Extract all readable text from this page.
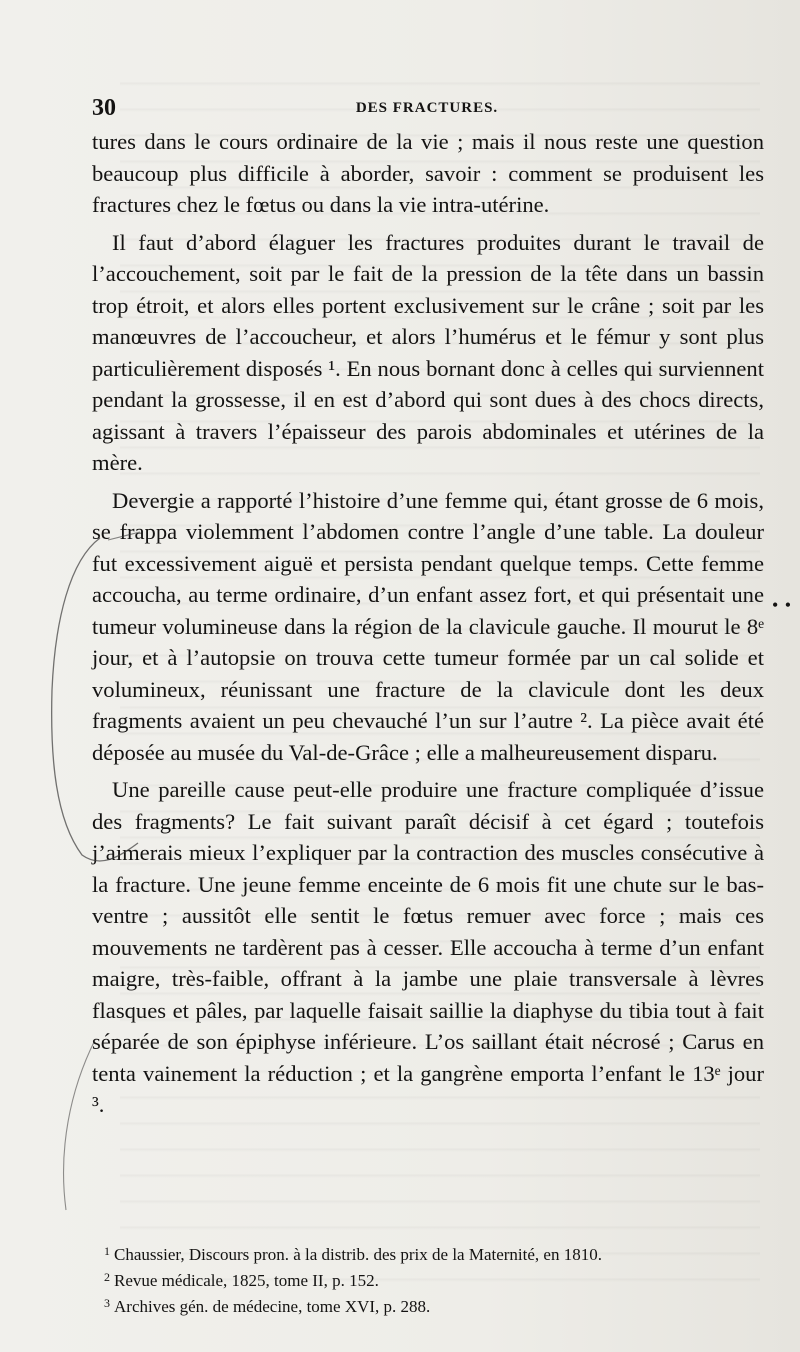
30	DES FRACTURES.

tures dans le cours ordinaire de la vie ; mais il nous reste une question beaucoup plus difficile à aborder, savoir : comment se produisent les fractures chez le fœtus ou dans la vie intra-utérine.

Il faut d’abord élaguer les fractures produites durant le travail de l’accouchement, soit par le fait de la pression de la tête dans un bassin trop étroit, et alors elles portent exclusivement sur le crâne ; soit par les manœuvres de l’accoucheur, et alors l’humérus et le fémur y sont plus particulièrement disposés ¹. En nous bornant donc à celles qui surviennent pendant la grossesse, il en est d’abord qui sont dues à des chocs directs, agissant à travers l’épaisseur des parois abdominales et utérines de la mère.

Devergie a rapporté l’histoire d’une femme qui, étant grosse de 6 mois, se frappa violemment l’abdomen contre l’angle d’une table. La douleur fut excessivement aiguë et persista pendant quelque temps. Cette femme accoucha, au terme ordinaire, d’un enfant assez fort, et qui présentait une tumeur volumineuse dans la région de la clavicule gauche. Il mourut le 8ᵉ jour, et à l’autopsie on trouva cette tumeur formée par un cal solide et volumineux, réunissant une fracture de la clavicule dont les deux fragments avaient un peu chevauché l’un sur l’autre ². La pièce avait été déposée au musée du Val-de-Grâce ; elle a malheureusement disparu.

Une pareille cause peut-elle produire une fracture compliquée d’issue des fragments? Le fait suivant paraît décisif à cet égard ; toutefois j’aimerais mieux l’expliquer par la contraction des muscles consécutive à la fracture. Une jeune femme enceinte de 6 mois fit une chute sur le bas-ventre ; aussitôt elle sentit le fœtus remuer avec force ; mais ces mouvements ne tardèrent pas à cesser. Elle accoucha à terme d’un enfant maigre, très-faible, offrant à la jambe une plaie transversale à lèvres flasques et pâles, par laquelle faisait saillie la diaphyse du tibia tout à fait séparée de son épiphyse inférieure. L’os saillant était nécrosé ; Carus en tenta vainement la réduction ; et la gangrène emporta l’enfant le 13ᵉ jour ³.

• •

$^1$ Chaussier, Discours pron. à la distrib. des prix de la Maternité, en 1810.

$^2$ Revue médicale, 1825, tome II, p. 152.

$^3$ Archives gén. de médecine, tome XVI, p. 288.
